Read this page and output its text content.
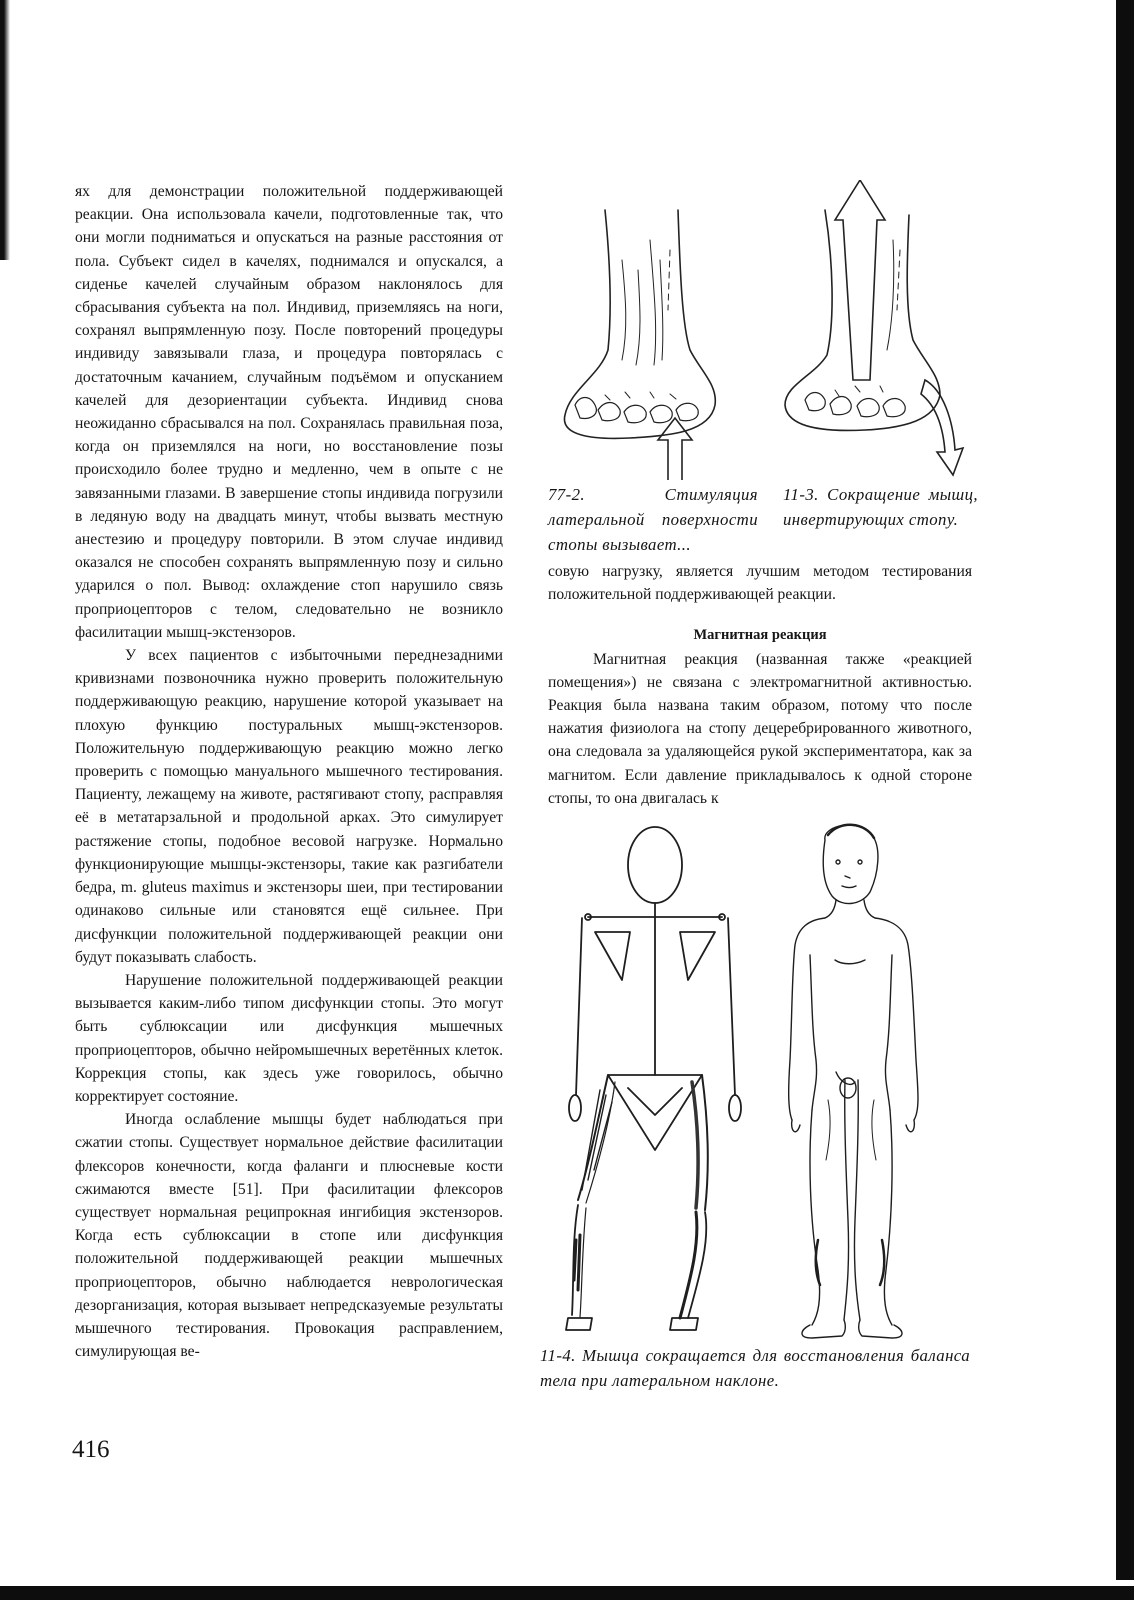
ях для демонстрации положительной поддерживающей реакции. Она использовала качели, подготовленные так, что они могли подниматься и опускаться на разные расстояния от пола. Субъект сидел в качелях, поднимался и опускался, а сиденье качелей случайным образом наклонялось для сбрасывания субъекта на пол. Индивид, приземляясь на ноги, сохранял выпрямленную позу. После повторений процедуры индивиду завязывали глаза, и процедура повторялась с достаточным качанием, случайным подъёмом и опусканием качелей для дезориентации субъекта. Индивид снова неожиданно сбрасывался на пол. Сохранялась правильная поза, когда он приземлялся на ноги, но восстановление позы происходило более трудно и медленно, чем в опыте с не завязанными глазами. В завершение стопы индивида погрузили в ледяную воду на двадцать минут, чтобы вызвать местную анестезию и процедуру повторили. В этом случае индивид оказался не способен сохранять выпрямленную позу и сильно ударился о пол. Вывод: охлаждение стоп нарушило связь проприоцепторов с телом, следовательно не возникло фасилитации мышц-экстензоров.

У всех пациентов с избыточными переднезадними кривизнами позвоночника нужно проверить положительную поддерживающую реакцию, нарушение которой указывает на плохую функцию постуральных мышц-экстензоров. Положительную поддерживающую реакцию можно легко проверить с помощью мануального мышечного тестирования. Пациенту, лежащему на животе, растягивают стопу, расправляя её в метатарзальной и продольной арках. Это симулирует растяжение стопы, подобное весовой нагрузке. Нормально функционирующие мышцы-экстензоры, такие как разгибатели бедра, m. gluteus maximus и экстензоры шеи, при тестировании одинаково сильные или становятся ещё сильнее. При дисфункции положительной поддерживающей реакции они будут показывать слабость.

Нарушение положительной поддерживающей реакции вызывается каким-либо типом дисфункции стопы. Это могут быть сублюксации или дисфункция мышечных проприоцепторов, обычно нейромышечных веретённых клеток. Коррекция стопы, как здесь уже говорилось, обычно корректирует состояние.

Иногда ослабление мышцы будет наблюдаться при сжатии стопы. Существует нормальное действие фасилитации флексоров конечности, когда фаланги и плюсневые кости сжимаются вместе [51]. При фасилитации флексоров существует нормальная реципрокная ингибиция экстензоров. Когда есть сублюксации в стопе или дисфункция положительной поддерживающей реакции мышечных проприоцепторов, обычно наблюдается неврологическая дезорганизация, которая вызывает непредсказуемые результаты мышечного тестирования. Провокация расправлением, симулирующая ве-

77-2. Стимуляция латеральной поверхности стопы вызывает...
11-3. Сокращение мышц, инвертирующих стопу.

совую нагрузку, является лучшим методом тестирования положительной поддерживающей реакции.

Магнитная реакция

Магнитная реакция (названная также «реакцией помещения») не связана с электромагнитной активностью. Реакция была названа таким образом, потому что после нажатия физиолога на стопу децеребрированного животного, она следовала за удаляющейся рукой экспериментатора, как за магнитом. Если давление прикладывалось к одной стороне стопы, то она двигалась к

11-4. Мышца сокращается для восстановления баланса тела при латеральном наклоне.
416
